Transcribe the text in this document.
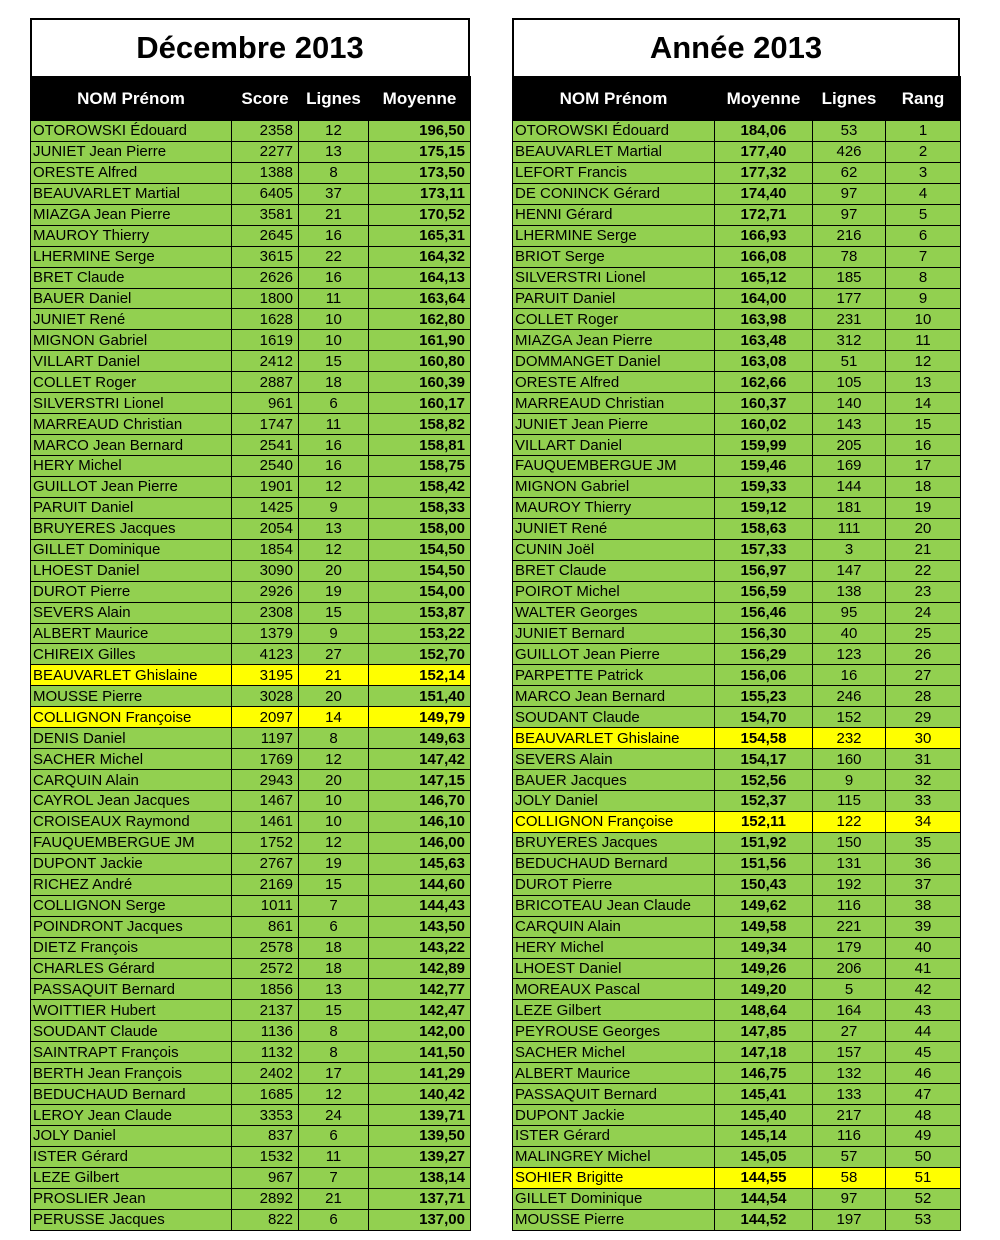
Décembre 2013
NOM Prénom	Score	Lignes	Moyenne
OTOROWSKI Édouard	2358	12	196,50
JUNIET Jean Pierre	2277	13	175,15
ORESTE Alfred	1388	8	173,50
BEAUVARLET Martial	6405	37	173,11
MIAZGA Jean Pierre	3581	21	170,52
MAUROY Thierry	2645	16	165,31
LHERMINE Serge	3615	22	164,32
BRET Claude	2626	16	164,13
BAUER Daniel	1800	11	163,64
JUNIET René	1628	10	162,80
MIGNON Gabriel	1619	10	161,90
VILLART Daniel	2412	15	160,80
COLLET Roger	2887	18	160,39
SILVERSTRI Lionel	961	6	160,17
MARREAUD Christian	1747	11	158,82
MARCO Jean Bernard	2541	16	158,81
HERY Michel	2540	16	158,75
GUILLOT Jean Pierre	1901	12	158,42
PARUIT Daniel	1425	9	158,33
BRUYERES Jacques	2054	13	158,00
GILLET Dominique	1854	12	154,50
LHOEST Daniel	3090	20	154,50
DUROT Pierre	2926	19	154,00
SEVERS Alain	2308	15	153,87
ALBERT Maurice	1379	9	153,22
CHIREIX Gilles	4123	27	152,70
BEAUVARLET Ghislaine	3195	21	152,14
MOUSSE Pierre	3028	20	151,40
COLLIGNON Françoise	2097	14	149,79
DENIS Daniel	1197	8	149,63
SACHER Michel	1769	12	147,42
CARQUIN Alain	2943	20	147,15
CAYROL Jean Jacques	1467	10	146,70
CROISEAUX Raymond	1461	10	146,10
FAUQUEMBERGUE JM	1752	12	146,00
DUPONT Jackie	2767	19	145,63
RICHEZ André	2169	15	144,60
COLLIGNON Serge	1011	7	144,43
POINDRONT Jacques	861	6	143,50
DIETZ François	2578	18	143,22
CHARLES Gérard	2572	18	142,89
PASSAQUIT Bernard	1856	13	142,77
WOITTIER Hubert	2137	15	142,47
SOUDANT Claude	1136	8	142,00
SAINTRAPT François	1132	8	141,50
BERTH Jean François	2402	17	141,29
BEDUCHAUD Bernard	1685	12	140,42
LEROY Jean Claude	3353	24	139,71
JOLY Daniel	837	6	139,50
ISTER Gérard	1532	11	139,27
LEZE Gilbert	967	7	138,14
PROSLIER Jean	2892	21	137,71
PERUSSE Jacques	822	6	137,00
Année 2013
NOM Prénom	Moyenne	Lignes	Rang
OTOROWSKI Édouard	184,06	53	1
BEAUVARLET Martial	177,40	426	2
LEFORT Francis	177,32	62	3
DE CONINCK Gérard	174,40	97	4
HENNI Gérard	172,71	97	5
LHERMINE Serge	166,93	216	6
BRIOT Serge	166,08	78	7
SILVERSTRI Lionel	165,12	185	8
PARUIT Daniel	164,00	177	9
COLLET Roger	163,98	231	10
MIAZGA Jean Pierre	163,48	312	11
DOMMANGET Daniel	163,08	51	12
ORESTE Alfred	162,66	105	13
MARREAUD Christian	160,37	140	14
JUNIET Jean Pierre	160,02	143	15
VILLART Daniel	159,99	205	16
FAUQUEMBERGUE JM	159,46	169	17
MIGNON Gabriel	159,33	144	18
MAUROY Thierry	159,12	181	19
JUNIET René	158,63	111	20
CUNIN Joël	157,33	3	21
BRET Claude	156,97	147	22
POIROT Michel	156,59	138	23
WALTER Georges	156,46	95	24
JUNIET Bernard	156,30	40	25
GUILLOT Jean Pierre	156,29	123	26
PARPETTE Patrick	156,06	16	27
MARCO Jean Bernard	155,23	246	28
SOUDANT Claude	154,70	152	29
BEAUVARLET Ghislaine	154,58	232	30
SEVERS Alain	154,17	160	31
BAUER Jacques	152,56	9	32
JOLY Daniel	152,37	115	33
COLLIGNON Françoise	152,11	122	34
BRUYERES Jacques	151,92	150	35
BEDUCHAUD Bernard	151,56	131	36
DUROT Pierre	150,43	192	37
BRICOTEAU Jean Claude	149,62	116	38
CARQUIN Alain	149,58	221	39
HERY Michel	149,34	179	40
LHOEST Daniel	149,26	206	41
MOREAUX Pascal	149,20	5	42
LEZE Gilbert	148,64	164	43
PEYROUSE Georges	147,85	27	44
SACHER Michel	147,18	157	45
ALBERT Maurice	146,75	132	46
PASSAQUIT Bernard	145,41	133	47
DUPONT Jackie	145,40	217	48
ISTER Gérard	145,14	116	49
MALINGREY Michel	145,05	57	50
SOHIER Brigitte	144,55	58	51
GILLET Dominique	144,54	97	52
MOUSSE Pierre	144,52	197	53
